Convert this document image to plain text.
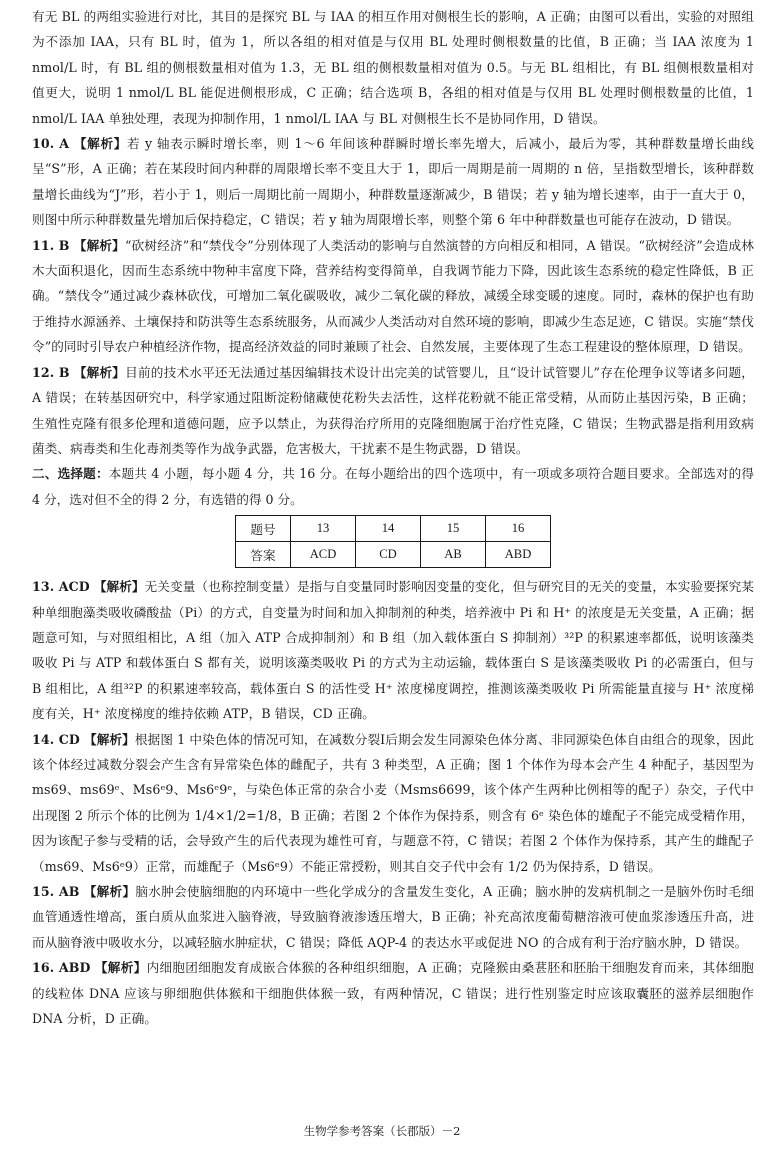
有无 BL 的两组实验进行对比，其目的是探究 BL 与 IAA 的相互作用对侧根生长的影响，A 正确；由图可以看出，实验的对照组为不添加 IAA，只有 BL 时，值为 1，所以各组的相对值是与仅用 BL 处理时侧根数量的比值，B 正确；当 IAA 浓度为 1 nmol/L 时，有 BL 组的侧根数量相对值为 1.3，无 BL 组的侧根数量相对值为 0.5。与无 BL 组相比，有 BL 组侧根数量相对值更大，说明 1 nmol/L BL 能促进侧根形成，C 正确；结合选项 B，各组的相对值是与仅用 BL 处理时侧根数量的比值，1 nmol/L IAA 单独处理，表现为抑制作用，1 nmol/L IAA 与 BL 对侧根生长不是协同作用，D 错误。

10. A 【解析】若 y 轴表示瞬时增长率，则 1～6 年间该种群瞬时增长率先增大，后减小，最后为零，其种群数量增长曲线呈“S”形，A 正确；若在某段时间内种群的周限增长率不变且大于 1，即后一周期是前一周期的 n 倍，呈指数型增长，该种群数量增长曲线为“J”形，若小于 1，则后一周期比前一周期小，种群数量逐渐减少，B 错误；若 y 轴为增长速率，由于一直大于 0，则图中所示种群数量先增加后保持稳定，C 错误；若 y 轴为周限增长率，则整个第 6 年中种群数量也可能存在波动，D 错误。

11. B 【解析】“砍树经济”和“禁伐令”分别体现了人类活动的影响与自然演替的方向相反和相同，A 错误。“砍树经济”会造成林木大面积退化，因而生态系统中物种丰富度下降，营养结构变得简单，自我调节能力下降，因此该生态系统的稳定性降低，B 正确。“禁伐令”通过减少森林砍伐，可增加二氧化碳吸收，减少二氧化碳的释放，减缓全球变暖的速度。同时，森林的保护也有助于维持水源涵养、土壤保持和防洪等生态系统服务，从而减少人类活动对自然环境的影响，即减少生态足迹，C 错误。实施“禁伐令”的同时引导农户种植经济作物，提高经济效益的同时兼顾了社会、自然发展，主要体现了生态工程建设的整体原理，D 错误。

12. B 【解析】目前的技术水平还无法通过基因编辑技术设计出完美的试管婴儿，且“设计试管婴儿”存在伦理争议等诸多问题，A 错误；在转基因研究中，科学家通过阻断淀粉储藏使花粉失去活性，这样花粉就不能正常受精，从而防止基因污染，B 正确；生殖性克隆有很多伦理和道德问题，应予以禁止，为获得治疗所用的克隆细胞属于治疗性克隆，C 错误；生物武器是指利用致病菌类、病毒类和生化毒剂类等作为战争武器，危害极大，干扰素不是生物武器，D 错误。

二、选择题：本题共 4 小题，每小题 4 分，共 16 分。在每小题给出的四个选项中，有一项或多项符合题目要求。全部选对的得 4 分，选对但不全的得 2 分，有选错的得 0 分。

题号	13	14	15	16
答案	ACD	CD	AB	ABD

13. ACD 【解析】无关变量（也称控制变量）是指与自变量同时影响因变量的变化，但与研究目的无关的变量，本实验要探究某种单细胞藻类吸收磷酸盐（Pi）的方式，自变量为时间和加入抑制剂的种类，培养液中 Pi 和 H⁺ 的浓度是无关变量，A 正确；据题意可知，与对照组相比，A 组（加入 ATP 合成抑制剂）和 B 组（加入载体蛋白 S 抑制剂）³²P 的积累速率都低，说明该藻类吸收 Pi 与 ATP 和载体蛋白 S 都有关，说明该藻类吸收 Pi 的方式为主动运输，载体蛋白 S 是该藻类吸收 Pi 的必需蛋白，但与 B 组相比，A 组³²P 的积累速率较高，载体蛋白 S 的活性受 H⁺ 浓度梯度调控，推测该藻类吸收 Pi 所需能量直接与 H⁺ 浓度梯度有关，H⁺ 浓度梯度的维持依赖 ATP，B 错误，CD 正确。

14. CD 【解析】根据图 1 中染色体的情况可知，在减数分裂Ⅰ后期会发生同源染色体分离、非同源染色体自由组合的现象，因此该个体经过减数分裂会产生含有异常染色体的雌配子，共有 3 种类型，A 正确；图 1 个体作为母本会产生 4 种配子，基因型为 ms69、ms69ᵉ、Ms6ᵉ9、Ms6ᵉ9ᵉ，与染色体正常的杂合小麦（Msms6699，该个体产生两种比例相等的配子）杂交，子代中出现图 2 所示个体的比例为 1/4×1/2=1/8，B 正确；若图 2 个体作为保持系，则含有 6ᵉ 染色体的雄配子不能完成受精作用，因为该配子参与受精的话，会导致产生的后代表现为雄性可育，与题意不符，C 错误；若图 2 个体作为保持系，其产生的雌配子（ms69、Ms6ᵉ9）正常，而雄配子（Ms6ᵉ9）不能正常授粉，则其自交子代中会有 1/2 仍为保持系，D 错误。

15. AB 【解析】脑水肿会使脑细胞的内环境中一些化学成分的含量发生变化，A 正确；脑水肿的发病机制之一是脑外伤时毛细血管通透性增高，蛋白质从血浆进入脑脊液，导致脑脊液渗透压增大，B 正确；补充高浓度葡萄糖溶液可使血浆渗透压升高，进而从脑脊液中吸收水分，以减轻脑水肿症状，C 错误；降低 AQP-4 的表达水平或促进 NO 的合成有利于治疗脑水肿，D 错误。

16. ABD 【解析】内细胞团细胞发育成嵌合体猴的各种组织细胞，A 正确；克隆猴由桑葚胚和胚胎干细胞发育而来，其体细胞的线粒体 DNA 应该与卵细胞供体猴和干细胞供体猴一致，有两种情况，C 错误；进行性别鉴定时应该取囊胚的滋养层细胞作 DNA 分析，D 正确。

生物学参考答案（长郡版）－2
